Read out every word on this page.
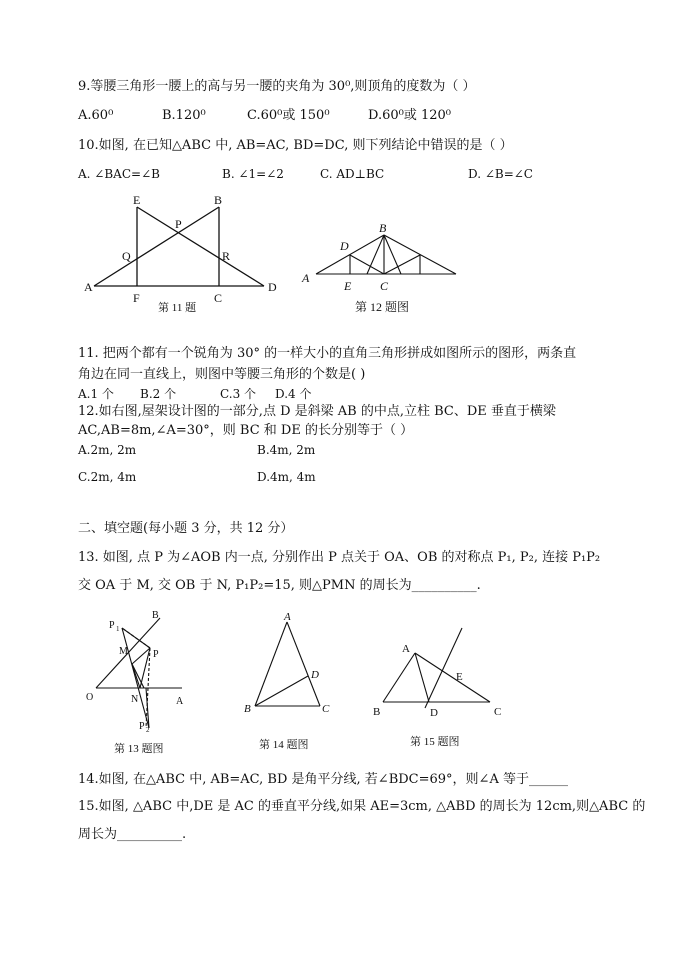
9.等腰三角形一腰上的高与另一腰的夹角为 30⁰,则顶角的度数为（ ）
A.60⁰	B.120⁰	C.60⁰或 150⁰	D.60⁰或 120⁰
10.如图, 在已知△ABC 中, AB=AC, BD=DC, 则下列结论中错误的是（ ）
A. ∠BAC=∠B	B. ∠1=∠2	C. AD⊥BC	D. ∠B=∠C
E	B
P
Q	R
A
F	C
D
第 11 题
B
D
A
E C
第 12 题图
11. 把两个都有一个锐角为 30° 的一样大小的直角三角形拼成如图所示的图形，两条直
角边在同一直线上，则图中等腰三角形的个数是( )
A.1 个 B.2 个	C.3 个 D.4 个
12.如右图,屋架设计图的一部分,点 D 是斜梁 AB 的中点,立柱 BC、DE 垂直于横梁
AC,AB=8m,∠A=30°，则 BC 和 DE 的长分别等于（ ）
A.2m, 2m	B.4m, 2m
C.2m, 4m	D.4m, 4m
二、填空题(每小题 3 分，共 12 分）
13. 如图, 点 P 为∠AOB 内一点, 分别作出 P 点关于 OA、OB 的对称点 P₁, P₂, 连接 P₁P₂
交 OA 于 M, 交 OB 于 N, P₁P₂=15, 则△PMN 的周长为__________.
P 1
B
M	P
O	N	A
P 2
第 13 题图
A
D
B	C
第 14 题图
A
E
B	D	C
第 15 题图
14.如图, 在△ABC 中, AB=AC, BD 是角平分线, 若∠BDC=69°，则∠A 等于______
15.如图, △ABC 中,DE 是 AC 的垂直平分线,如果 AE=3cm, △ABD 的周长为 12cm,则△ABC 的
周长为__________.
